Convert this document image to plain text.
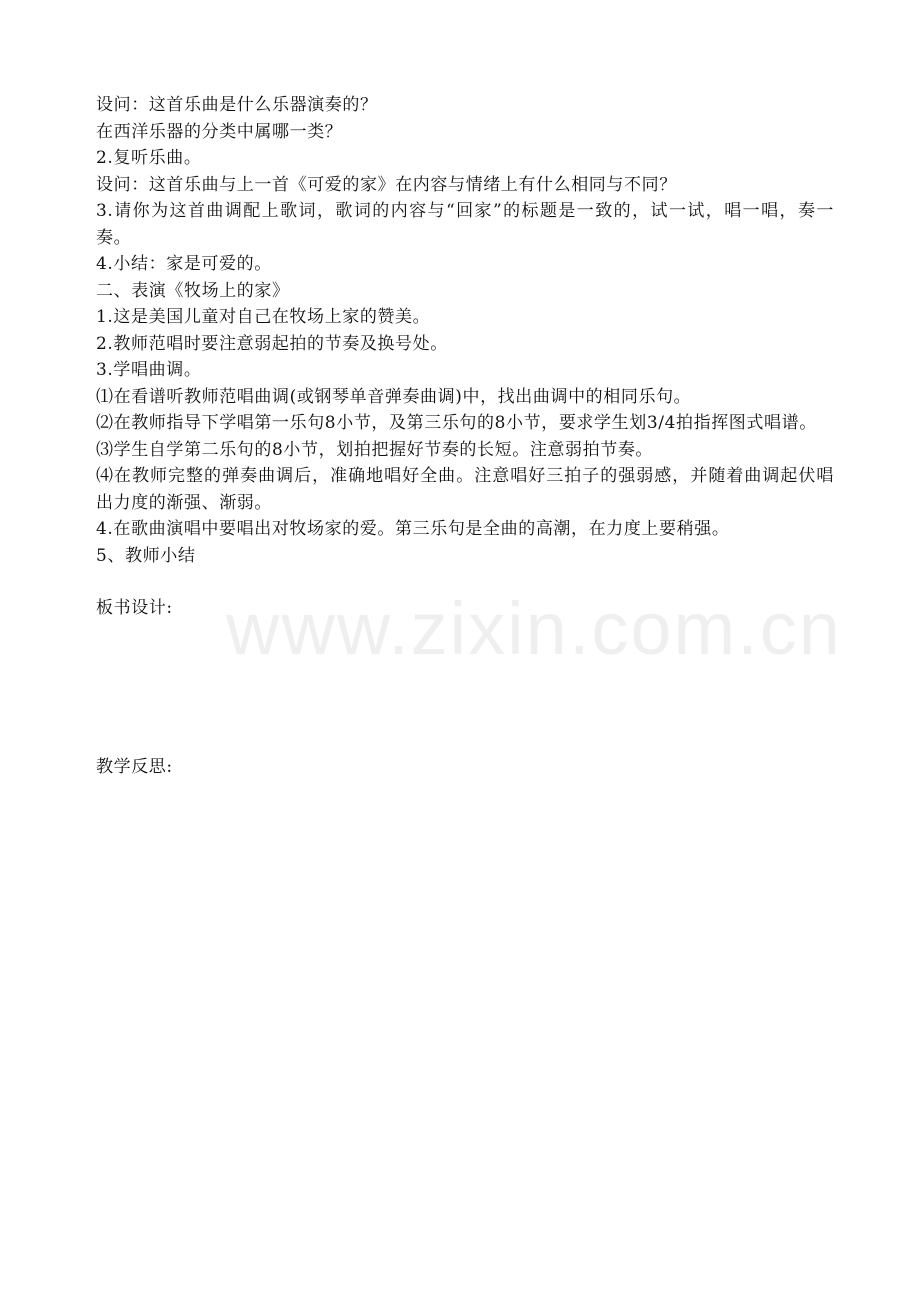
www.zixin.com.cn
设问：这首乐曲是什么乐器演奏的？
在西洋乐器的分类中属哪一类？
2.复听乐曲。
设问：这首乐曲与上一首《可爱的家》在内容与情绪上有什么相同与不同？
3.请你为这首曲调配上歌词，歌词的内容与“回家”的标题是一致的，试一试，唱一唱，奏一奏。
4.小结：家是可爱的。
二、表演《牧场上的家》
1.这是美国儿童对自己在牧场上家的赞美。
2.教师范唱时要注意弱起拍的节奏及换号处。
3.学唱曲调。
⑴在看谱听教师范唱曲调(或钢琴单音弹奏曲调)中，找出曲调中的相同乐句。
⑵在教师指导下学唱第一乐句8小节，及第三乐句的8小节，要求学生划3/4拍指挥图式唱谱。
⑶学生自学第二乐句的8小节，划拍把握好节奏的长短。注意弱拍节奏。
⑷在教师完整的弹奏曲调后，准确地唱好全曲。注意唱好三拍子的强弱感，并随着曲调起伏唱出力度的渐强、渐弱。
4.在歌曲演唱中要唱出对牧场家的爱。第三乐句是全曲的高潮，在力度上要稍强。
5、教师小结
板书设计:
教学反思:
